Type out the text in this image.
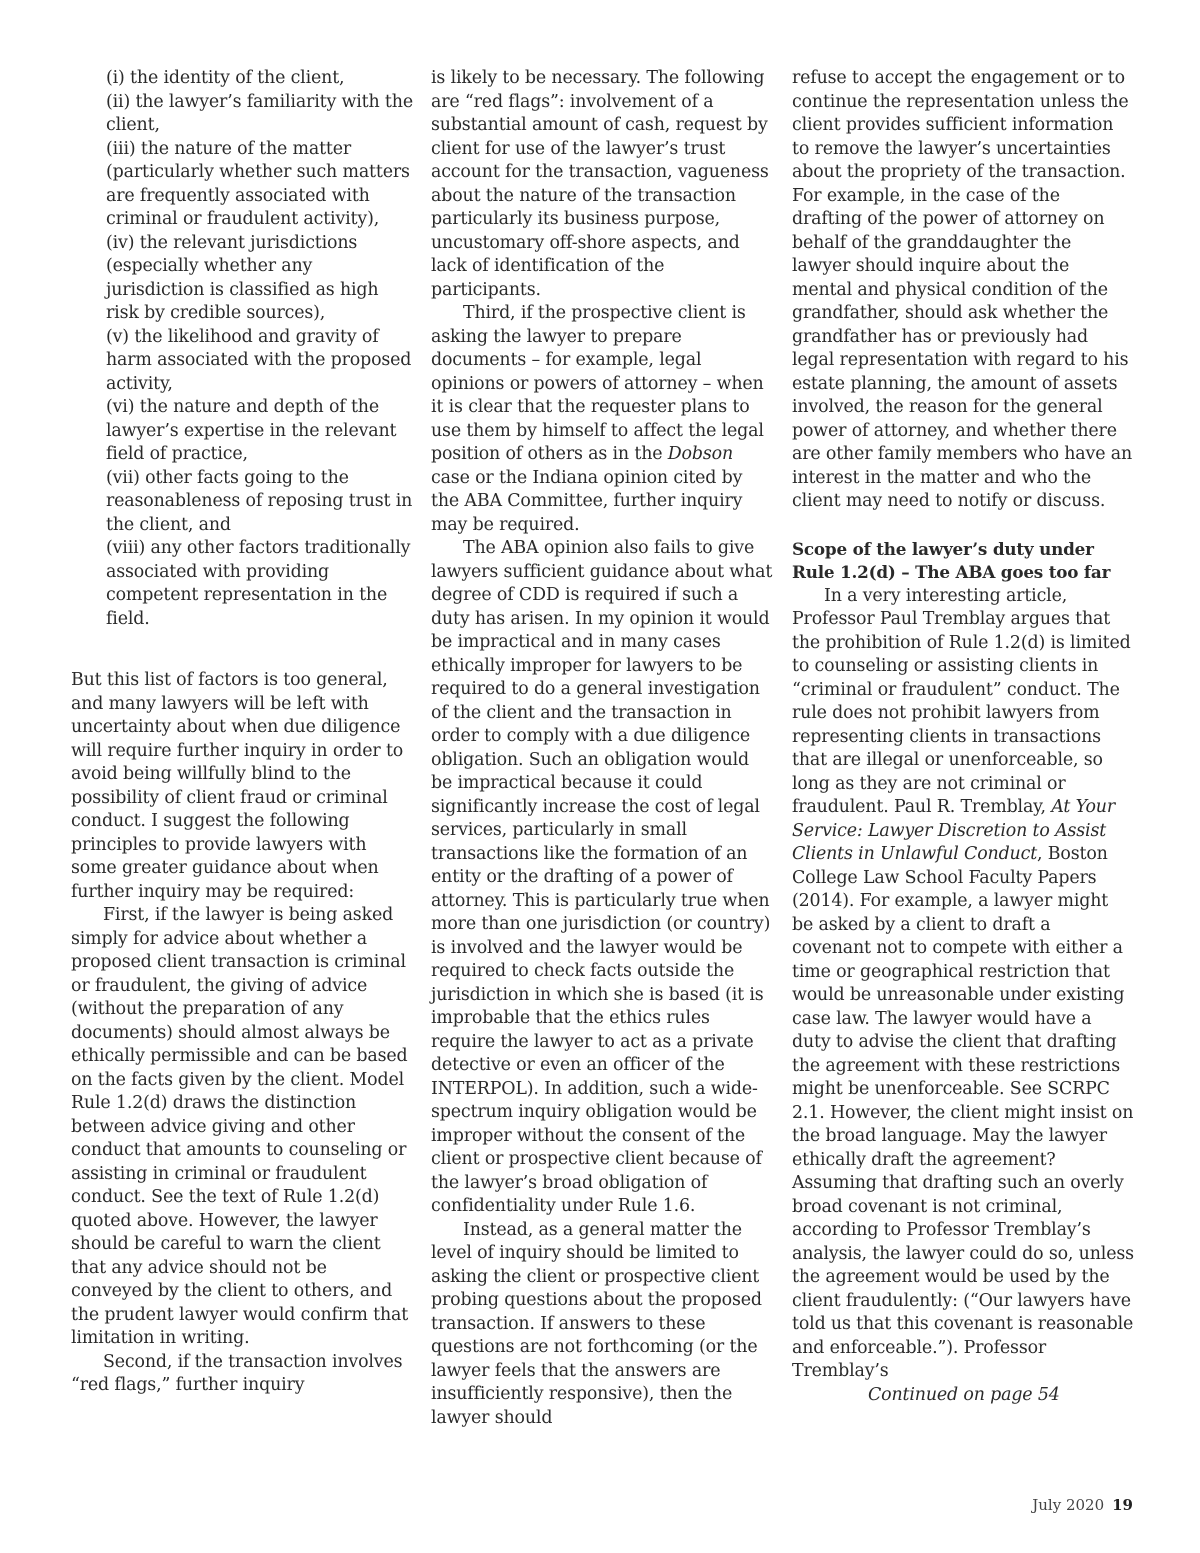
(i) the identity of the client,

(ii) the lawyer’s familiarity with the client,

(iii) the nature of the matter (particularly whether such matters are frequently associated with criminal or fraudulent activity),

(iv) the relevant jurisdictions (especially whether any jurisdiction is classified as high risk by credible sources),

(v) the likelihood and gravity of harm associated with the proposed activity,

(vi) the nature and depth of the lawyer’s expertise in the relevant field of practice,

(vii) other facts going to the reasonableness of reposing trust in the client, and

(viii) any other factors traditionally associated with providing competent representation in the field.

But this list of factors is too general, and many lawyers will be left with uncertainty about when due diligence will require further inquiry in order to avoid being willfully blind to the possibility of client fraud or criminal conduct. I suggest the following principles to provide lawyers with some greater guidance about when further inquiry may be required:

First, if the lawyer is being asked simply for advice about whether a proposed client transaction is criminal or fraudulent, the giving of advice (without the preparation of any documents) should almost always be ethically permissible and can be based on the facts given by the client. Model Rule 1.2(d) draws the distinction between advice giving and other conduct that amounts to counseling or assisting in criminal or fraudulent conduct. See the text of Rule 1.2(d) quoted above. However, the lawyer should be careful to warn the client that any advice should not be conveyed by the client to others, and the prudent lawyer would confirm that limitation in writing.

Second, if the transaction involves “red flags,” further inquiry

is likely to be necessary. The following are “red flags”: involvement of a substantial amount of cash, request by client for use of the lawyer’s trust account for the transaction, vagueness about the nature of the transaction particularly its business purpose, uncustomary off-shore aspects, and lack of identification of the participants.

Third, if the prospective client is asking the lawyer to prepare documents – for example, legal opinions or powers of attorney – when it is clear that the requester plans to use them by himself to affect the legal position of others as in the Dobson case or the Indiana opinion cited by the ABA Committee, further inquiry may be required.

The ABA opinion also fails to give lawyers sufficient guidance about what degree of CDD is required if such a duty has arisen. In my opinion it would be impractical and in many cases ethically improper for lawyers to be required to do a general investigation of the client and the transaction in order to comply with a due diligence obligation. Such an obligation would be impractical because it could significantly increase the cost of legal services, particularly in small transactions like the formation of an entity or the drafting of a power of attorney. This is particularly true when more than one jurisdiction (or country) is involved and the lawyer would be required to check facts outside the jurisdiction in which she is based (it is improbable that the ethics rules require the lawyer to act as a private detective or even an officer of the INTERPOL). In addition, such a wide-spectrum inquiry obligation would be improper without the consent of the client or prospective client because of the lawyer’s broad obligation of confidentiality under Rule 1.6.

Instead, as a general matter the level of inquiry should be limited to asking the client or prospective client probing questions about the proposed transaction. If answers to these questions are not forthcoming (or the lawyer feels that the answers are insufficiently responsive), then the lawyer should

refuse to accept the engagement or to continue the representation unless the client provides sufficient information to remove the lawyer’s uncertainties about the propriety of the transaction. For example, in the case of the drafting of the power of attorney on behalf of the granddaughter the lawyer should inquire about the mental and physical condition of the grandfather, should ask whether the grandfather has or previously had legal representation with regard to his estate planning, the amount of assets involved, the reason for the general power of attorney, and whether there are other family members who have an interest in the matter and who the client may need to notify or discuss.

Scope of the lawyer’s duty under Rule 1.2(d) – The ABA goes too far

In a very interesting article, Professor Paul Tremblay argues that the prohibition of Rule 1.2(d) is limited to counseling or assisting clients in “criminal or fraudulent” conduct. The rule does not prohibit lawyers from representing clients in transactions that are illegal or unenforceable, so long as they are not criminal or fraudulent. Paul R. Tremblay, At Your Service: Lawyer Discretion to Assist Clients in Unlawful Conduct, Boston College Law School Faculty Papers (2014). For example, a lawyer might be asked by a client to draft a covenant not to compete with either a time or geographical restriction that would be unreasonable under existing case law. The lawyer would have a duty to advise the client that drafting the agreement with these restrictions might be unenforceable. See SCRPC 2.1. However, the client might insist on the broad language. May the lawyer ethically draft the agreement? Assuming that drafting such an overly broad covenant is not criminal, according to Professor Tremblay’s analysis, the lawyer could do so, unless the agreement would be used by the client fraudulently: (“Our lawyers have told us that this covenant is reasonable and enforceable.”). Professor Tremblay’s

Continued on page 54

July 2020 19
